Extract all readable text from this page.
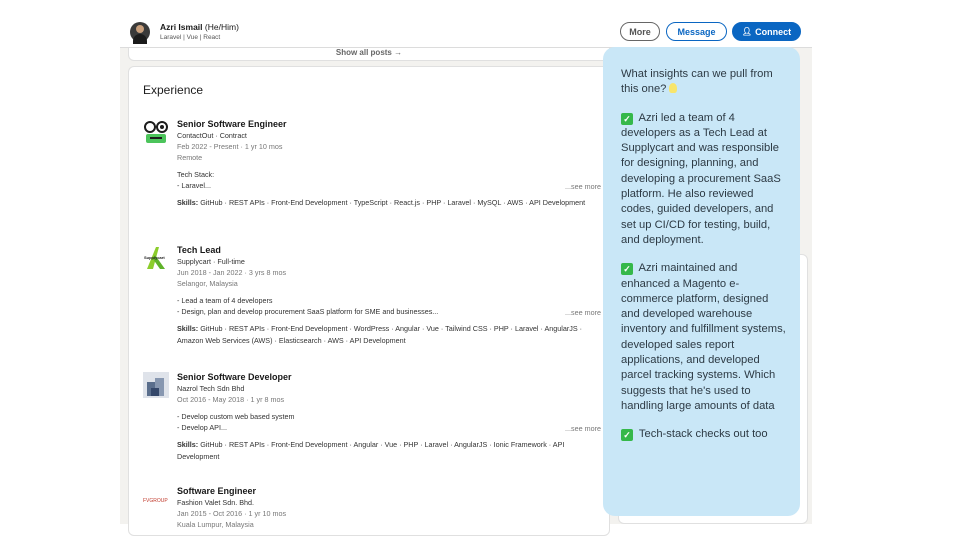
Azri Ismail (He/Him)
Laravel | Vue | React
More	Message	👤︎ Connect
Show all posts →
Experience
Senior Software Engineer
ContactOut · Contract
Feb 2022 - Present · 1 yr 10 mos
Remote
Tech Stack:
- Laravel...	...see more
Skills: GitHub · REST APIs · Front-End Development · TypeScript · React.js · PHP · Laravel · MySQL · AWS · API Development
Supplycart
Tech Lead
Supplycart · Full-time
Jun 2018 - Jan 2022 · 3 yrs 8 mos
Selangor, Malaysia
- Lead a team of 4 developers
- Design, plan and develop procurement SaaS platform for SME and businesses...	...see more
Skills: GitHub · REST APIs · Front-End Development · WordPress · Angular · Vue · Tailwind CSS · PHP · Laravel · AngularJS · Amazon Web Services (AWS) · Elasticsearch · AWS · API Development
Senior Software Developer
Nazrol Tech Sdn Bhd
Oct 2016 - May 2018 · 1 yr 8 mos
- Develop custom web based system
- Develop API...	...see more
Skills: GitHub · REST APIs · Front-End Development · Angular · Vue · PHP · Laravel · AngularJS · Ionic Framework · API Development
FVGROUP
Software Engineer
Fashion Valet Sdn. Bhd.
Jan 2015 - Oct 2016 · 1 yr 10 mos
Kuala Lumpur, Malaysia
What insights can we pull from this one?
✓ Azri led a team of 4 developers as a Tech Lead at Supplycart and was responsible for designing, planning, and developing a procurement SaaS platform. He also reviewed codes, guided developers, and set up CI/CD for testing, build, and deployment.
✓ Azri maintained and enhanced a Magento e-commerce platform, designed and developed warehouse inventory and fulfillment systems, developed sales report applications, and developed parcel tracking systems. Which suggests that he's used to handling large amounts of data
✓ Tech-stack checks out too
